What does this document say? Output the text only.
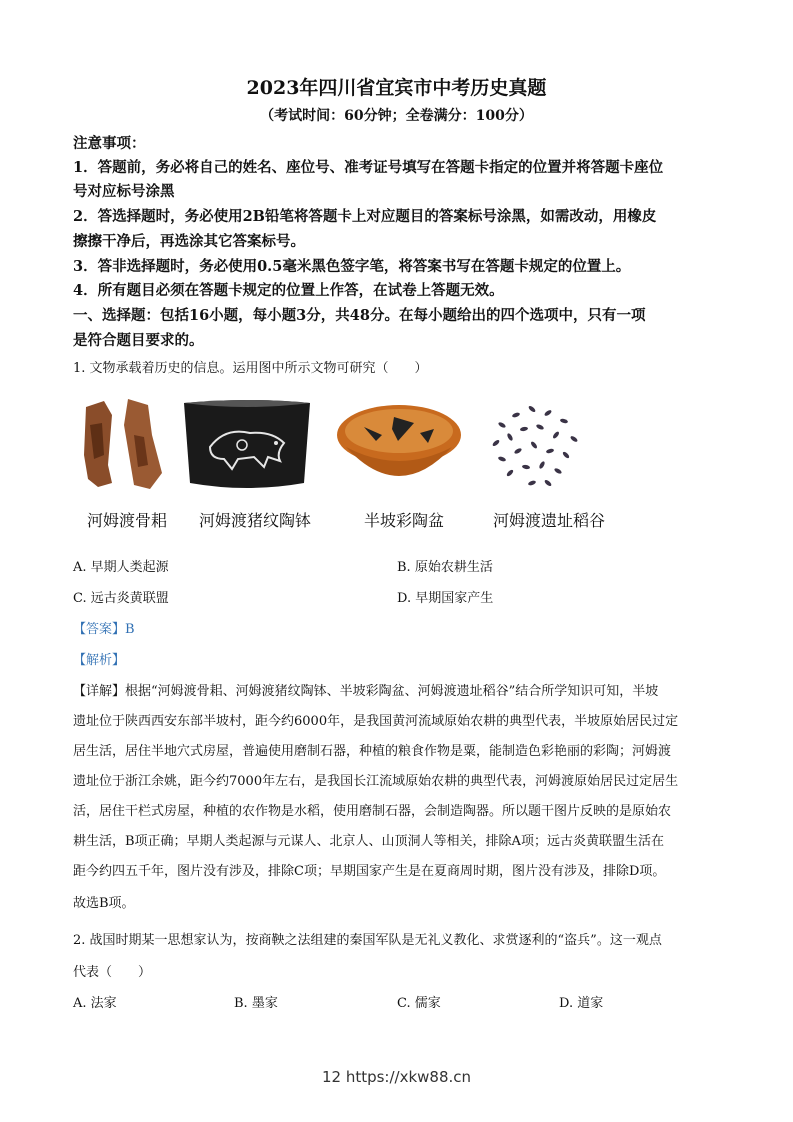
2023年四川省宜宾市中考历史真题
（考试时间：60分钟；全卷满分：100分）
注意事项：
1．答题前，务必将自己的姓名、座位号、准考证号填写在答题卡指定的位置并将答题卡座位
号对应标号涂黑
2．答选择题时，务必使用2B铅笔将答题卡上对应题目的答案标号涂黑，如需改动，用橡皮
擦擦干净后，再选涂其它答案标号。
3．答非选择题时，务必使用0.5毫米黑色签字笔，将答案书写在答题卡规定的位置上。
4．所有题目必须在答题卡规定的位置上作答，在试卷上答题无效。
一、选择题：包括16小题，每小题3分，共48分。在每小题给出的四个选项中，只有一项
是符合题目要求的。
1. 文物承载着历史的信息。运用图中所示文物可研究（　　）
河姆渡骨耜	河姆渡猪纹陶钵	半坡彩陶盆	河姆渡遗址稻谷
A. 早期人类起源	B. 原始农耕生活
C. 远古炎黄联盟	D. 早期国家产生
【答案】B
【解析】
【详解】根据“河姆渡骨耜、河姆渡猪纹陶钵、半坡彩陶盆、河姆渡遗址稻谷”结合所学知识可知，半坡
遗址位于陕西西安东部半坡村，距今约6000年，是我国黄河流域原始农耕的典型代表，半坡原始居民过定
居生活，居住半地穴式房屋，普遍使用磨制石器，种植的粮食作物是粟，能制造色彩艳丽的彩陶；河姆渡
遗址位于浙江余姚，距今约7000年左右，是我国长江流域原始农耕的典型代表，河姆渡原始居民过定居生
活，居住干栏式房屋，种植的农作物是水稻，使用磨制石器，会制造陶器。所以题干图片反映的是原始农
耕生活，B项正确；早期人类起源与元谋人、北京人、山顶洞人等相关，排除A项；远古炎黄联盟生活在
距今约四五千年，图片没有涉及，排除C项；早期国家产生是在夏商周时期，图片没有涉及，排除D项。
故选B项。
2. 战国时期某一思想家认为，按商鞅之法组建的秦国军队是无礼义教化、求赏逐利的“盗兵”。这一观点
代表（　　）
A. 法家	B. 墨家	C. 儒家	D. 道家
12 https://xkw88.cn
